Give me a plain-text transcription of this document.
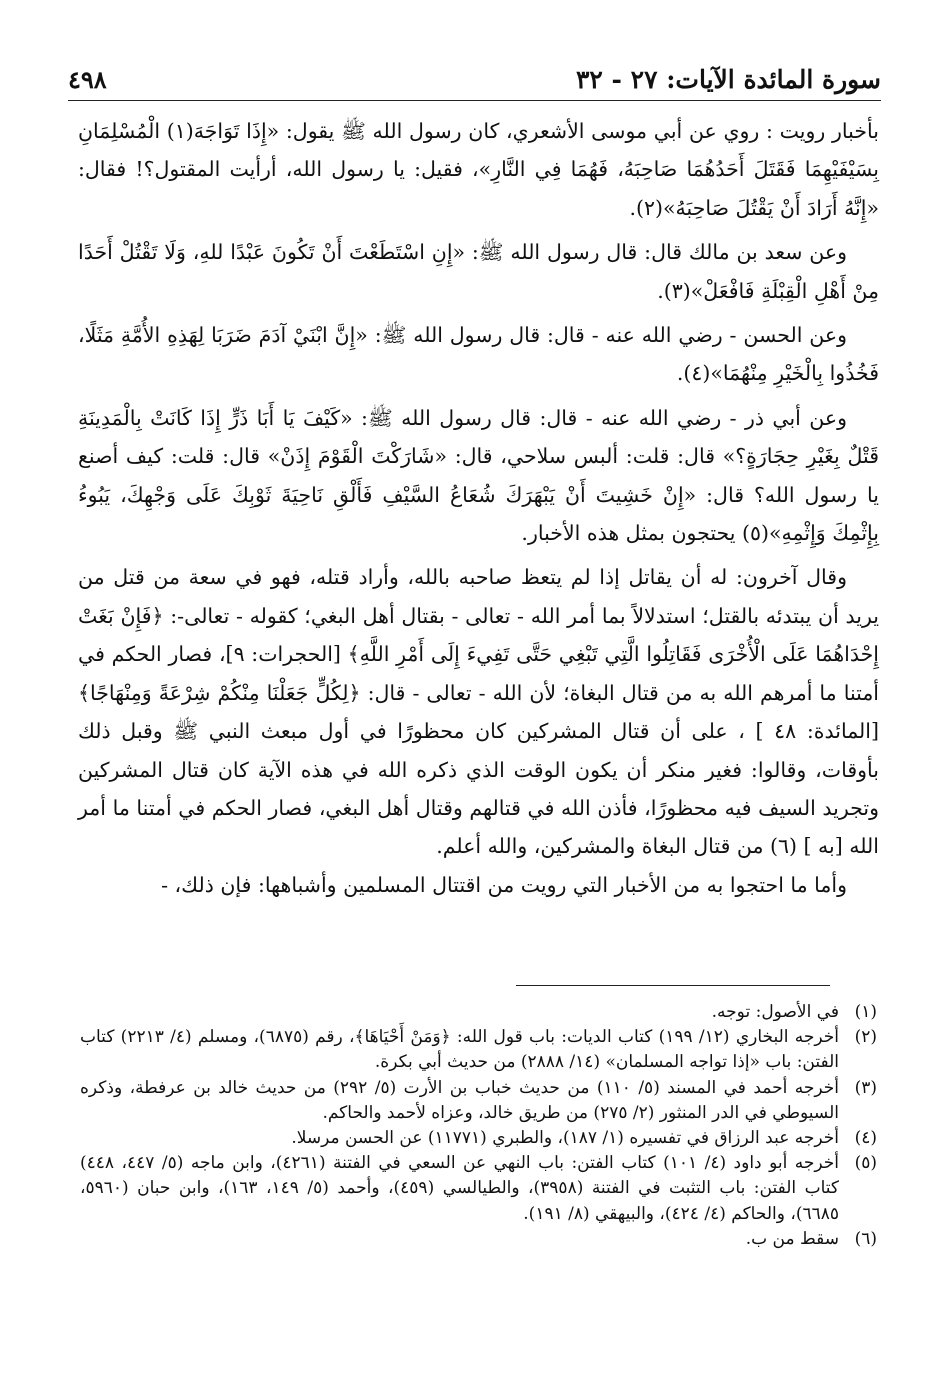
سورة المائدة الآيات: ٢٧ - ٣٢
٤٩٨

بأخبار رويت : روي عن أبي موسى الأشعري، كان رسول الله ﷺ يقول: «إِذَا تَوَاجَهَ(١) الْمُسْلِمَانِ بِسَيْفَيْهِمَا فَقَتَلَ أَحَدُهُمَا صَاحِبَهُ، فَهُمَا فِي النَّارِ»، فقيل: يا رسول الله، أرأيت المقتول؟! فقال: «إِنَّهُ أَرَادَ أَنْ يَقْتُلَ صَاحِبَهُ»(٢).

وعن سعد بن مالك قال: قال رسول الله ﷺ: «إِنِ اسْتَطَعْتَ أَنْ تَكُونَ عَبْدًا للهِ، وَلَا تَقْتُلْ أَحَدًا مِنْ أَهْلِ الْقِبْلَةِ فَافْعَلْ»(٣).

وعن الحسن - رضي الله عنه - قال: قال رسول الله ﷺ: «إِنَّ ابْنَيْ آدَمَ ضَرَبَا لِهَذِهِ الأُمَّةِ مَثَلًا، فَخُذُوا بِالْخَيْرِ مِنْهُمَا»(٤).

وعن أبي ذر - رضي الله عنه - قال: قال رسول الله ﷺ: «كَيْفَ يَا أَبَا ذَرٍّ إِذَا كَانَتْ بِالْمَدِينَةِ قَتْلٌ بِغَيْرِ حِجَارَةٍ؟» قال: قلت: ألبس سلاحي، قال: «شَارَكْتَ الْقَوْمَ إِذَنْ» قال: قلت: كيف أصنع يا رسول الله؟ قال: «إِنْ خَشِيتَ أَنْ يَبْهَرَكَ شُعَاعُ السَّيْفِ فَأَلْقِ نَاحِيَةَ ثَوْبِكَ عَلَى وَجْهِكَ، يَبُوءُ بِإِثْمِكَ وَإِثْمِهِ»(٥) يحتجون بمثل هذه الأخبار.

وقال آخرون: له أن يقاتل إذا لم يتعظ صاحبه بالله، وأراد قتله، فهو في سعة من قتل من يريد أن يبتدئه بالقتل؛ استدلالاً بما أمر الله - تعالى - بقتال أهل البغي؛ كقوله - تعالى-: ﴿فَإِنْ بَغَتْ إِحْدَاهُمَا عَلَى الْأُخْرَى فَقَاتِلُوا الَّتِي تَبْغِي حَتَّى تَفِيءَ إِلَى أَمْرِ اللَّهِ﴾ [الحجرات: ٩]، فصار الحكم في أمتنا ما أمرهم الله به من قتال البغاة؛ لأن الله - تعالى - قال: ﴿لِكُلٍّ جَعَلْنَا مِنْكُمْ شِرْعَةً وَمِنْهَاجًا﴾ [المائدة: ٤٨ ] ، على أن قتال المشركين كان محظورًا في أول مبعث النبي ﷺ وقبل ذلك بأوقات، وقالوا: فغير منكر أن يكون الوقت الذي ذكره الله في هذه الآية كان قتال المشركين وتجريد السيف فيه محظورًا، فأذن الله في قتالهم وقتال أهل البغي، فصار الحكم في أمتنا ما أمر الله [به ] (٦) من قتال البغاة والمشركين، والله أعلم.

وأما ما احتجوا به من الأخبار التي رويت من اقتتال المسلمين وأشباهها: فإن ذلك، -

(١)
في الأصول: توجه.

(٢)
أخرجه البخاري (١٢/ ١٩٩) كتاب الديات: باب قول الله: ﴿وَمَنْ أَحْيَاهَا﴾، رقم (٦٨٧٥)، ومسلم (٤/ ٢٢١٣) كتاب الفتن: باب «إذا تواجه المسلمان» (١٤/ ٢٨٨٨) من حديث أبي بكرة.

(٣)
أخرجه أحمد في المسند (٥/ ١١٠) من حديث خباب بن الأرت (٥/ ٢٩٢) من حديث خالد بن عرفطة، وذكره السيوطي في الدر المنثور (٢/ ٢٧٥) من طريق خالد، وعزاه لأحمد والحاكم.

(٤)
أخرجه عبد الرزاق في تفسيره (١/ ١٨٧)، والطبري (١١٧٧١) عن الحسن مرسلا.

(٥)
أخرجه أبو داود (٤/ ١٠١) كتاب الفتن: باب النهي عن السعي في الفتنة (٤٢٦١)، وابن ماجه (٥/ ٤٤٧، ٤٤٨) كتاب الفتن: باب التثبت في الفتنة (٣٩٥٨)، والطيالسي (٤٥٩)، وأحمد (٥/ ١٤٩، ١٦٣)، وابن حبان (٥٩٦٠، ٦٦٨٥)، والحاكم (٤/ ٤٢٤)، والبيهقي (٨/ ١٩١).

(٦)
سقط من ب.
